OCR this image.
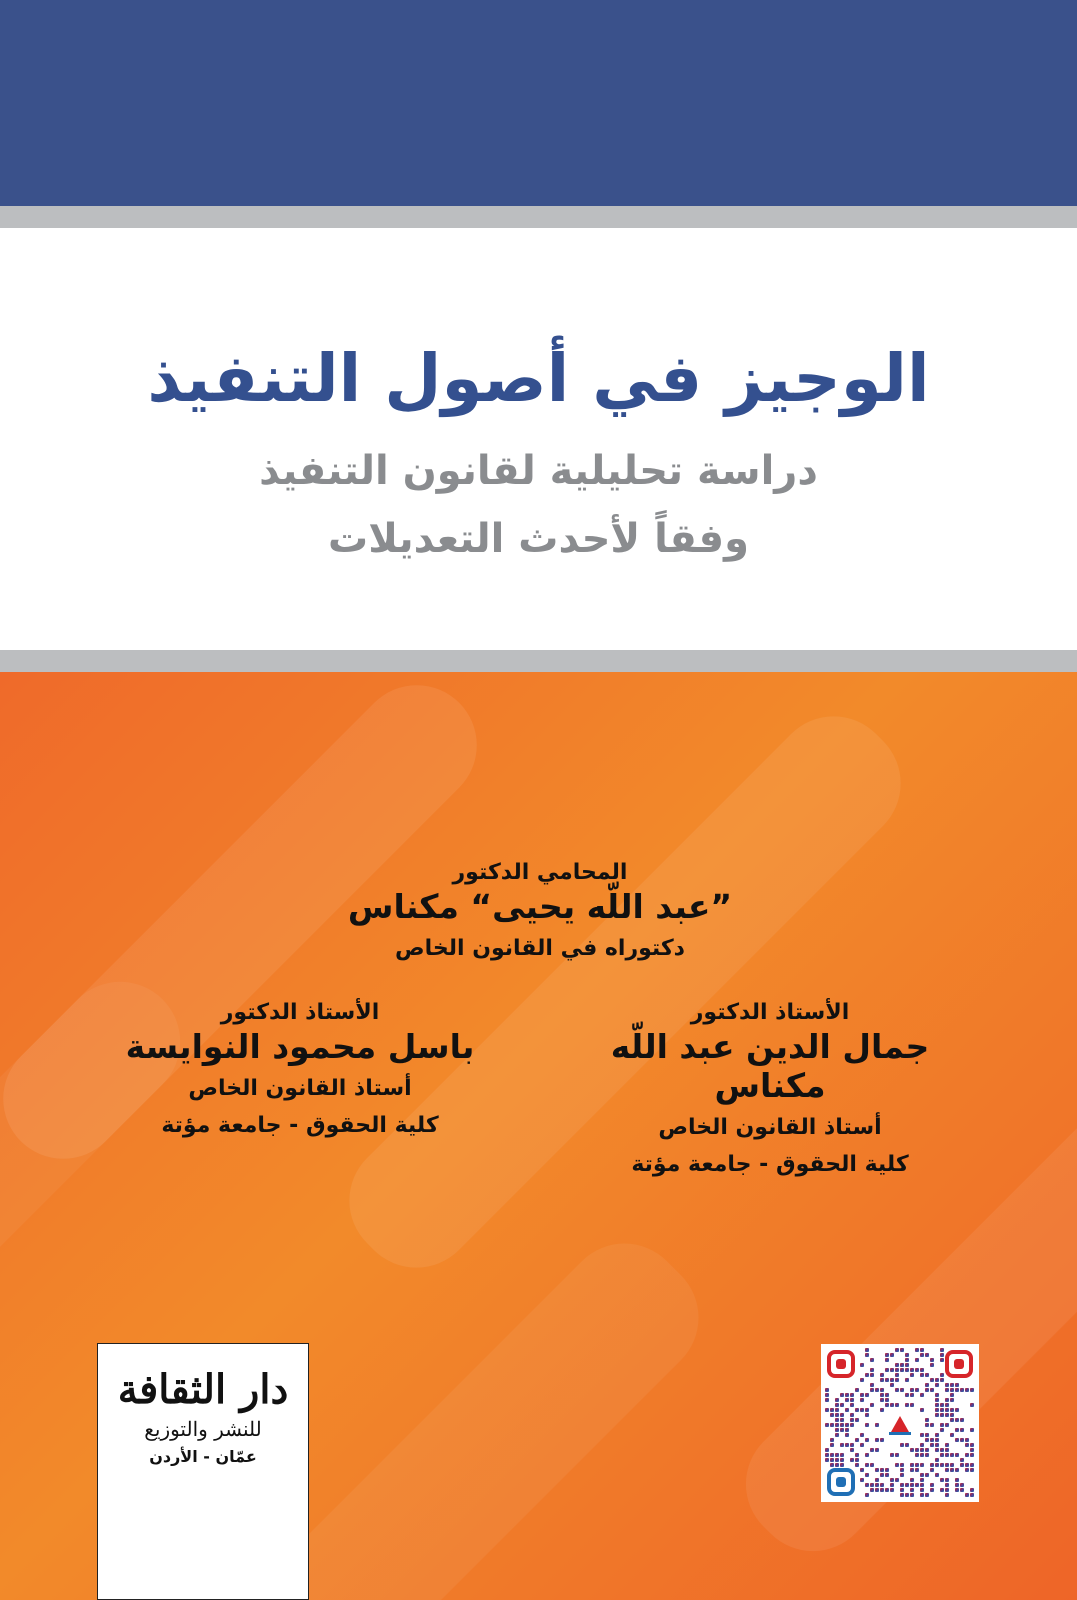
الوجيز في أصول التنفيذ
دراسة تحليلية لقانون التنفيذ
وفقاً لأحدث التعديلات
المحامي الدكتور
”عبد اللّه يحيى“ مكناس
دكتوراه في القانون الخاص
الأستاذ الدكتور
جمال الدين عبد اللّه مكناس
أستاذ القانون الخاص
كلية الحقوق - جامعة مؤتة
الأستاذ الدكتور
باسل محمود النوايسة
أستاذ القانون الخاص
كلية الحقوق - جامعة مؤتة
دار الثقافة
للنشر والتوزيع
عمّان - الأردن
